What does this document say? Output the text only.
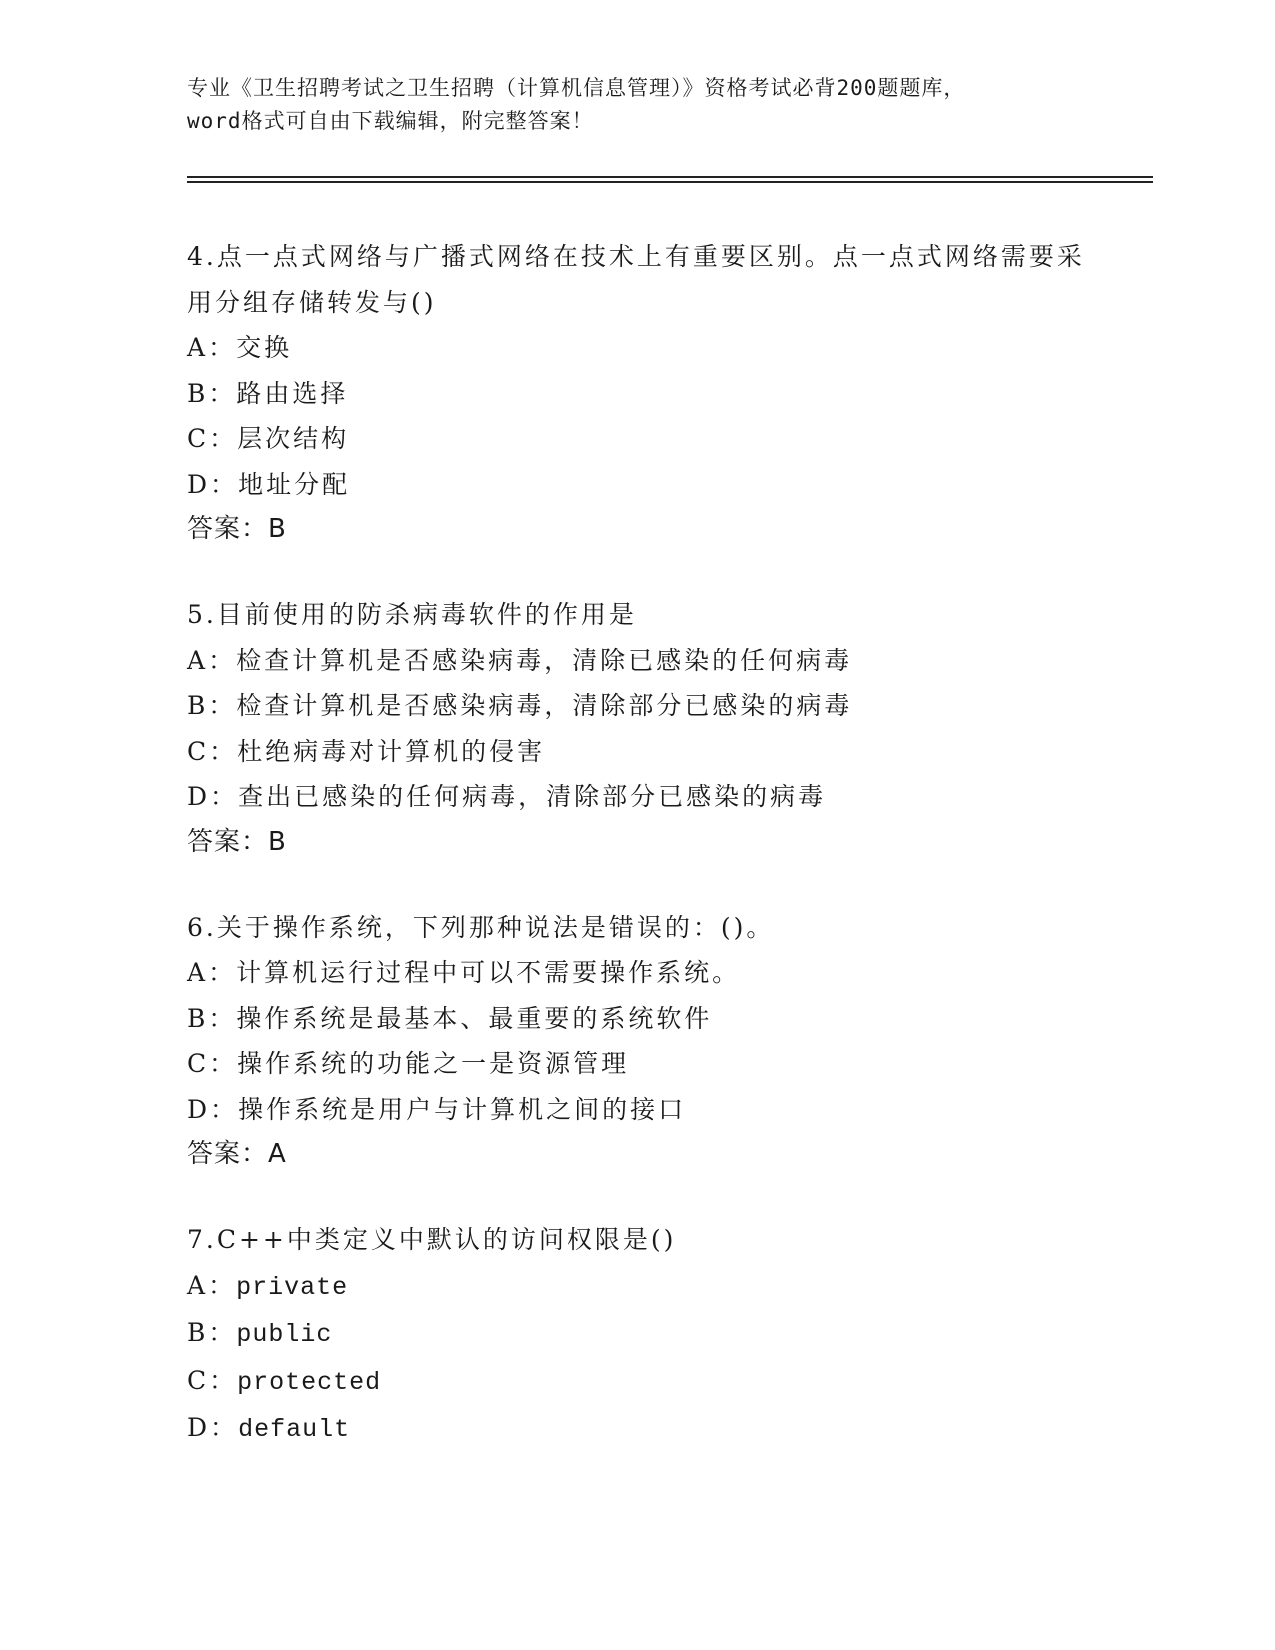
专业《卫生招聘考试之卫生招聘（计算机信息管理）》资格考试必背200题题库，
word格式可自由下载编辑，附完整答案！
4.点一点式网络与广播式网络在技术上有重要区别。点一点式网络需要采用分组存储转发与()
A：交换
B：路由选择
C：层次结构
D：地址分配
答案：B
5.目前使用的防杀病毒软件的作用是
A：检查计算机是否感染病毒，清除已感染的任何病毒
B：检查计算机是否感染病毒，清除部分已感染的病毒
C：杜绝病毒对计算机的侵害
D：查出已感染的任何病毒，清除部分已感染的病毒
答案：B
6.关于操作系统，下列那种说法是错误的：()。
A：计算机运行过程中可以不需要操作系统。
B：操作系统是最基本、最重要的系统软件
C：操作系统的功能之一是资源管理
D：操作系统是用户与计算机之间的接口
答案：A
7.C++中类定义中默认的访问权限是()
A：private
B：public
C：protected
D：default
